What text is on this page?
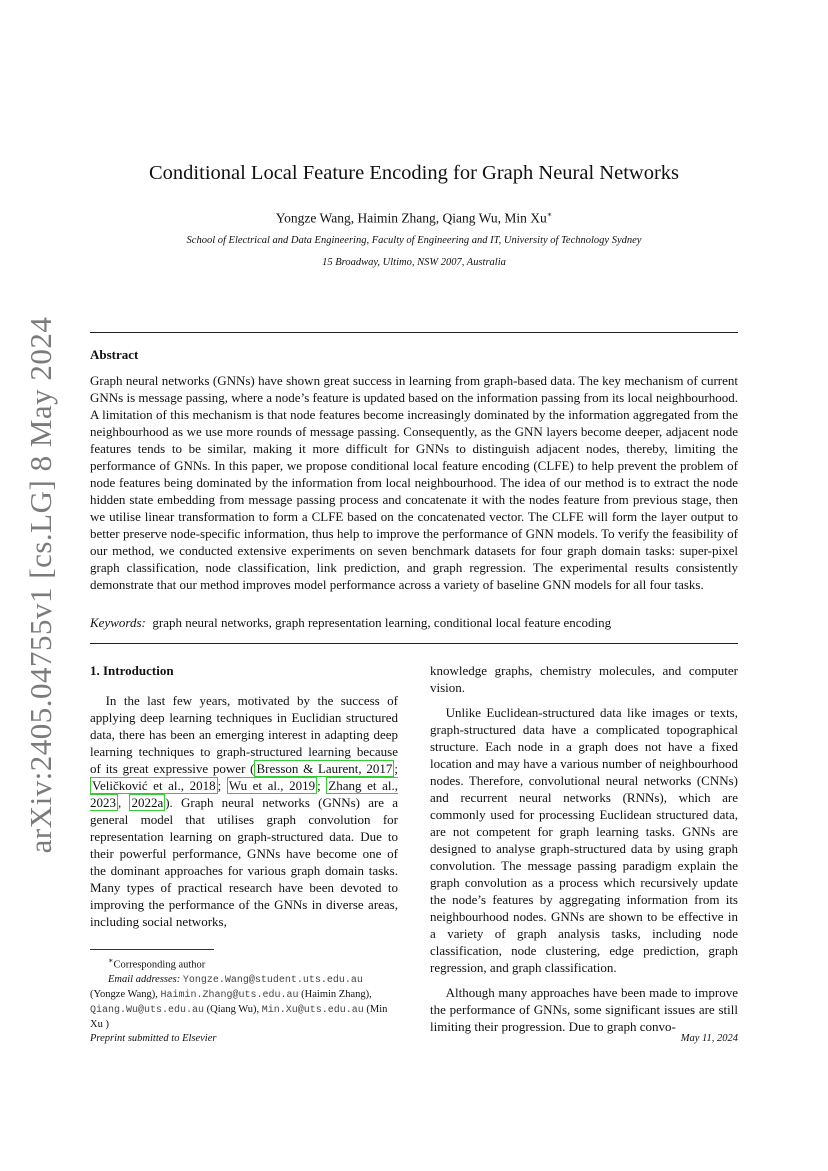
arXiv:2405.04755v1 [cs.LG] 8 May 2024
Conditional Local Feature Encoding for Graph Neural Networks
Yongze Wang, Haimin Zhang, Qiang Wu, Min Xu∗
School of Electrical and Data Engineering, Faculty of Engineering and IT, University of Technology Sydney
15 Broadway, Ultimo, NSW 2007, Australia
Abstract
Graph neural networks (GNNs) have shown great success in learning from graph-based data. The key mechanism of current GNNs is message passing, where a node’s feature is updated based on the information passing from its local neighbourhood. A limitation of this mechanism is that node features become increasingly dominated by the information aggregated from the neighbourhood as we use more rounds of message passing. Consequently, as the GNN layers become deeper, adjacent node features tends to be similar, making it more difficult for GNNs to distinguish adjacent nodes, thereby, limiting the performance of GNNs. In this paper, we propose conditional local feature encoding (CLFE) to help prevent the problem of node features being dominated by the information from local neighbourhood. The idea of our method is to extract the node hidden state embedding from message passing process and concatenate it with the nodes feature from previous stage, then we utilise linear transformation to form a CLFE based on the concatenated vector. The CLFE will form the layer output to better preserve node-specific information, thus help to improve the performance of GNN models. To verify the feasibility of our method, we conducted extensive experiments on seven benchmark datasets for four graph domain tasks: super-pixel graph classification, node classification, link prediction, and graph regression. The experimental results consistently demonstrate that our method improves model performance across a variety of baseline GNN models for all four tasks.
Keywords: graph neural networks, graph representation learning, conditional local feature encoding
1. Introduction

In the last few years, motivated by the success of applying deep learning techniques in Euclidian structured data, there has been an emerging interest in adapting deep learning techniques to graph-structured learning because of its great expressive power ( Bresson & Laurent, 2017 ; Veličković et al., 2018 ; Wu et al., 2019 ; Zhang et al., 2023 , 2022a ). Graph neural networks (GNNs) are a general model that utilises graph convolution for representation learning on graph-structured data. Due to their powerful performance, GNNs have become one of the dominant approaches for various graph domain tasks. Many types of practical research have been devoted to improving the performance of the GNNs in diverse areas, including social networks,

knowledge graphs, chemistry molecules, and computer vision.

Unlike Euclidean-structured data like images or texts, graph-structured data have a complicated topographical structure. Each node in a graph does not have a fixed location and may have a various number of neighbourhood nodes. Therefore, convolutional neural networks (CNNs) and recurrent neural networks (RNNs), which are commonly used for processing Euclidean structured data, are not competent for graph learning tasks. GNNs are designed to analyse graph-structured data by using graph convolution. The message passing paradigm explain the graph convolution as a process which recursively update the node’s features by aggregating information from its neighbourhood nodes. GNNs are shown to be effective in a variety of graph analysis tasks, including node classification, node clustering, edge prediction, graph regression, and graph classification.

Although many approaches have been made to improve the performance of GNNs, some significant issues are still limiting their progression. Due to graph convo-

∗Corresponding author
Email addresses: Yongze.Wang@student.uts.edu.au (Yongze Wang), Haimin.Zhang@uts.edu.au (Haimin Zhang), Qiang.Wu@uts.edu.au (Qiang Wu), Min.Xu@uts.edu.au (Min Xu )
Preprint submitted to Elsevier	May 11, 2024
